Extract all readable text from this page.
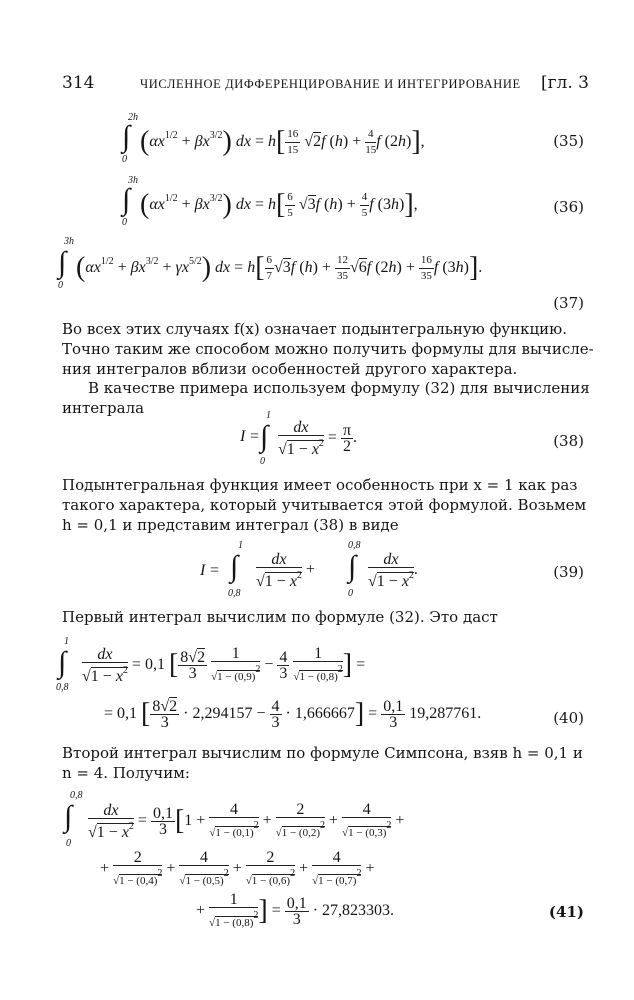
314	ЧИСЛЕННОЕ ДИФФЕРЕНЦИРОВАНИЕ И ИНТЕГРИРОВАНИЕ [гл. 3
2h
∫
0
$(\alpha x^{1/2} + \beta x^{3/2})$ dx = $h[ \frac{16}{15} √2f$ $(h) + \frac{4}{15}$ f (2h)],	(35)
3h
∫
0
$(\alpha x^{1/2} + \beta x^{3/2})$ dx = $h[ \frac{6}{5} √3f$ $(h) + \frac{4}{5}$ f (3h)],	(36)
3h
∫
0
$(\alpha x^{1/2} + \beta x^{3/2} + \gamma x^{5/2})$ dx = $h[ \frac{6}{7} √3f$ $(h) + \frac{12}{35} √6f$ $(2h) + \frac{16}{35}$ f (3h)].
(37)
Во всех этих случаях f(x) означает подынтегральную функцию.
Точно таким же способом можно получить формулы для вычисле-
ния интегралов вблизи особенностей другого характера.
В качестве примера используем формулу (32) для вычисления
интеграла	1
∫
0
$I = \frac{dx}{√1 - x^2} = \frac{\pi}{2}$ .	(38)
Подынтегральная функция имеет особенность при x = 1 как раз
такого характера, который учитывается этой формулой. Возьмем
h = 0,1 и представим интеграл (38) в виде
I =
1
∫
0,8
$\frac{dx}{√1 - x^2}$ +
0,8
∫
0
$\frac{dx}{√1 - x^2}$ .	(39)
Первый интеграл вычислим по формуле (32). Это даст
1
∫
0,8
$\frac{dx}{√1 - x^2} = 0,1$ [ $\frac{8√2}{3}$
$\frac{1}{√1 - (0,9)2} - \frac{4}{3}$
$\frac{1}{√1 - (0,8)2}$ ] =
= 0,1 [ $\frac{8√2}{3} \cdot 2,294157 - \frac{4}{3} \cdot 1,666667] = \frac{0,1}{3} 19,287761$.	(40)
Второй интеграл вычислим по формуле Симпсона, взяв h = 0,1 и
n = 4. Получим:
0,8
∫
0
$\frac{dx}{√1 - x^2} = \frac{0,1}{3} [1 + \frac{4}{√1 - (0,1)2} + \frac{2}{√1 - (0,2)2} + \frac{4}{√1 - (0,3)2}$ +
+ $\frac{2}{√1 - (0,4)2} + \frac{4}{√1 - (0,5)2} + \frac{2}{√1 - (0,6)2} + \frac{4}{√1 - (0,7)2}$ +
+ $\frac{1}{√1 - (0,8)2}$ ] = $\frac{0,1}{3} \cdot 27,823303$.	(41)
